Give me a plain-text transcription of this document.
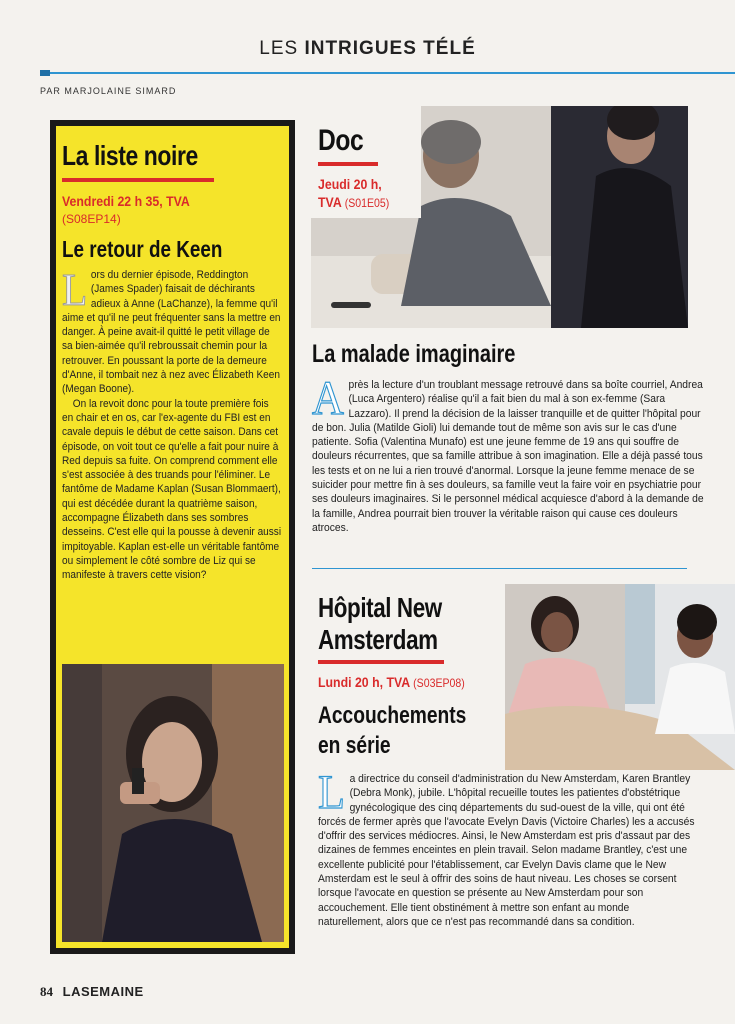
LES INTRIGUES TÉLÉ
PAR MARJOLAINE SIMARD
La liste noire
Vendredi 22 h 35, TVA
(S08EP14)
Le retour de Keen

Lors du dernier épisode, Reddington (James Spader) faisait de déchirants adieux à Anne (LaChanze), la femme qu'il aime et qu'il ne peut fréquenter sans la mettre en danger. À peine avait-il quitté le petit village de sa bien-aimée qu'il rebroussait chemin pour la retrouver. En poussant la porte de la demeure d'Anne, il tombait nez à nez avec Élizabeth Keen (Megan Boone).

On la revoit donc pour la toute première fois en chair et en os, car l'ex-agente du FBI est en cavale depuis le début de cette saison. Dans cet épisode, on voit tout ce qu'elle a fait pour nuire à Red depuis sa fuite. On comprend comment elle s'est associée à des truands pour l'éliminer. Le fantôme de Madame Kaplan (Susan Blommaert), qui est décédée durant la quatrième saison, accompagne Élizabeth dans ses sombres desseins. C'est elle qui la pousse à devenir aussi impitoyable. Kaplan est-elle un véritable fantôme ou simplement le côté sombre de Liz qui se manifeste à travers cette vision?

Doc
Jeudi 20 h,
TVA (S01E05)
La malade imaginaire
Après la lecture d'un troublant message retrouvé dans sa boîte courriel, Andrea (Luca Argentero) réalise qu'il a fait bien du mal à son ex-femme (Sara Lazzaro). Il prend la décision de la laisser tranquille et de quitter l'hôpital pour de bon. Julia (Matilde Gioli) lui demande tout de même son avis sur le cas d'une patiente. Sofia (Valentina Munafo) est une jeune femme de 19 ans qui souffre de douleurs récurrentes, que sa famille attribue à son imagination. Elle a déjà passé tous les tests et on ne lui a rien trouvé d'anormal. Lorsque la jeune femme menace de se suicider pour mettre fin à ses douleurs, sa famille veut la faire voir en psychiatrie pour ses douleurs imaginaires. Si le personnel médical acquiesce d'abord à la demande de la famille, Andrea pourrait bien trouver la véritable raison qui cause ces douleurs atroces.
Hôpital New
Amsterdam
Lundi 20 h, TVA (S03EP08)
Accouchements
en série
La directrice du conseil d'administration du New Amsterdam, Karen Brantley (Debra Monk), jubile. L'hôpital recueille toutes les patientes d'obstétrique gynécologique des cinq départements du sud-ouest de la ville, qui ont été forcés de fermer après que l'avocate Evelyn Davis (Victoire Charles) les a accusés d'offrir des services médiocres. Ainsi, le New Amsterdam est pris d'assaut par des dizaines de femmes enceintes en plein travail. Selon madame Brantley, c'est une excellente publicité pour l'établissement, car Evelyn Davis clame que le New Amsterdam est le seul à offrir des soins de haut niveau. Les choses se corsent lorsque l'avocate en question se présente au New Amsterdam pour son accouchement. Elle tient obstinément à mettre son enfant au monde naturellement, alors que ce n'est pas recommandé dans sa condition.
84 LASEMAINE
